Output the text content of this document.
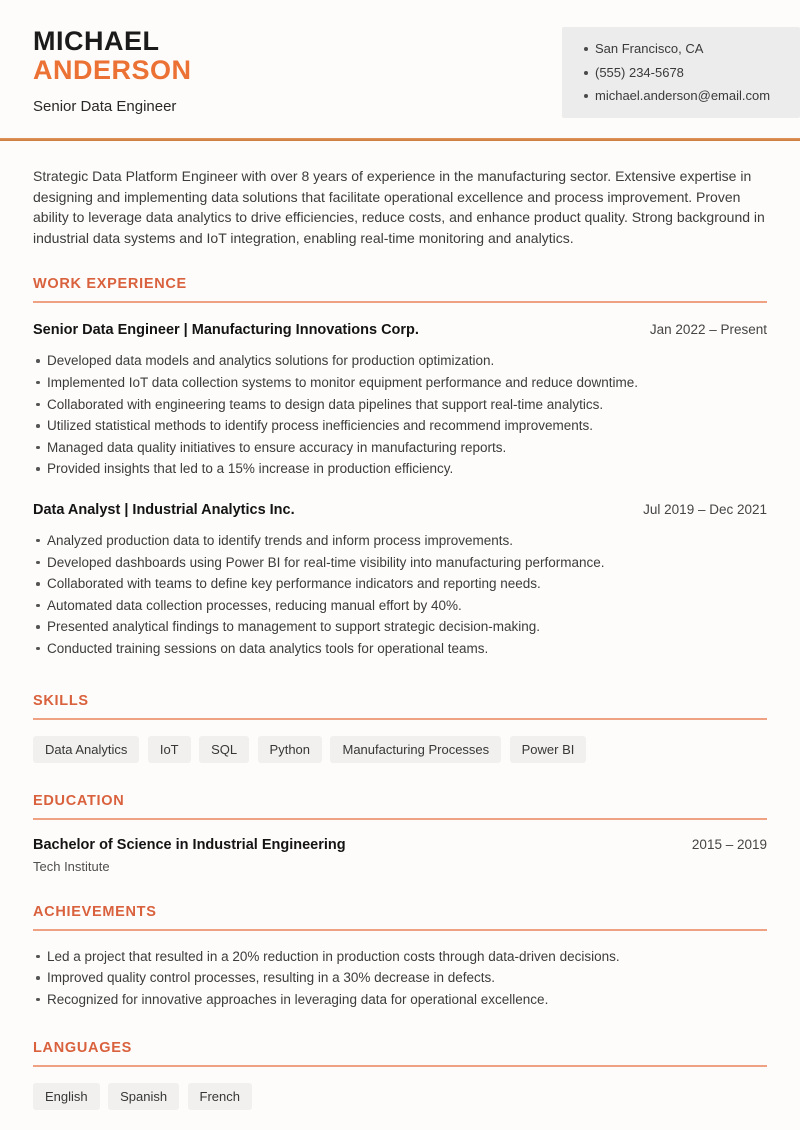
MICHAEL
ANDERSON
Senior Data Engineer
San Francisco, CA
(555) 234-5678
michael.anderson@email.com

Strategic Data Platform Engineer with over 8 years of experience in the manufacturing sector. Extensive expertise in designing and implementing data solutions that facilitate operational excellence and process improvement. Proven ability to leverage data analytics to drive efficiencies, reduce costs, and enhance product quality. Strong background in industrial data systems and IoT integration, enabling real-time monitoring and analytics.

WORK EXPERIENCE
Senior Data Engineer | Manufacturing Innovations Corp.	Jan 2022 – Present
Developed data models and analytics solutions for production optimization.
Implemented IoT data collection systems to monitor equipment performance and reduce downtime.
Collaborated with engineering teams to design data pipelines that support real-time analytics.
Utilized statistical methods to identify process inefficiencies and recommend improvements.
Managed data quality initiatives to ensure accuracy in manufacturing reports.
Provided insights that led to a 15% increase in production efficiency.
Data Analyst | Industrial Analytics Inc.	Jul 2019 – Dec 2021
Analyzed production data to identify trends and inform process improvements.
Developed dashboards using Power BI for real-time visibility into manufacturing performance.
Collaborated with teams to define key performance indicators and reporting needs.
Automated data collection processes, reducing manual effort by 40%.
Presented analytical findings to management to support strategic decision-making.
Conducted training sessions on data analytics tools for operational teams.
SKILLS
Data Analytics IoT SQL Python Manufacturing Processes Power BI
EDUCATION
Bachelor of Science in Industrial Engineering	2015 – 2019
Tech Institute
ACHIEVEMENTS
Led a project that resulted in a 20% reduction in production costs through data-driven decisions.
Improved quality control processes, resulting in a 30% decrease in defects.
Recognized for innovative approaches in leveraging data for operational excellence.
LANGUAGES
English Spanish French
